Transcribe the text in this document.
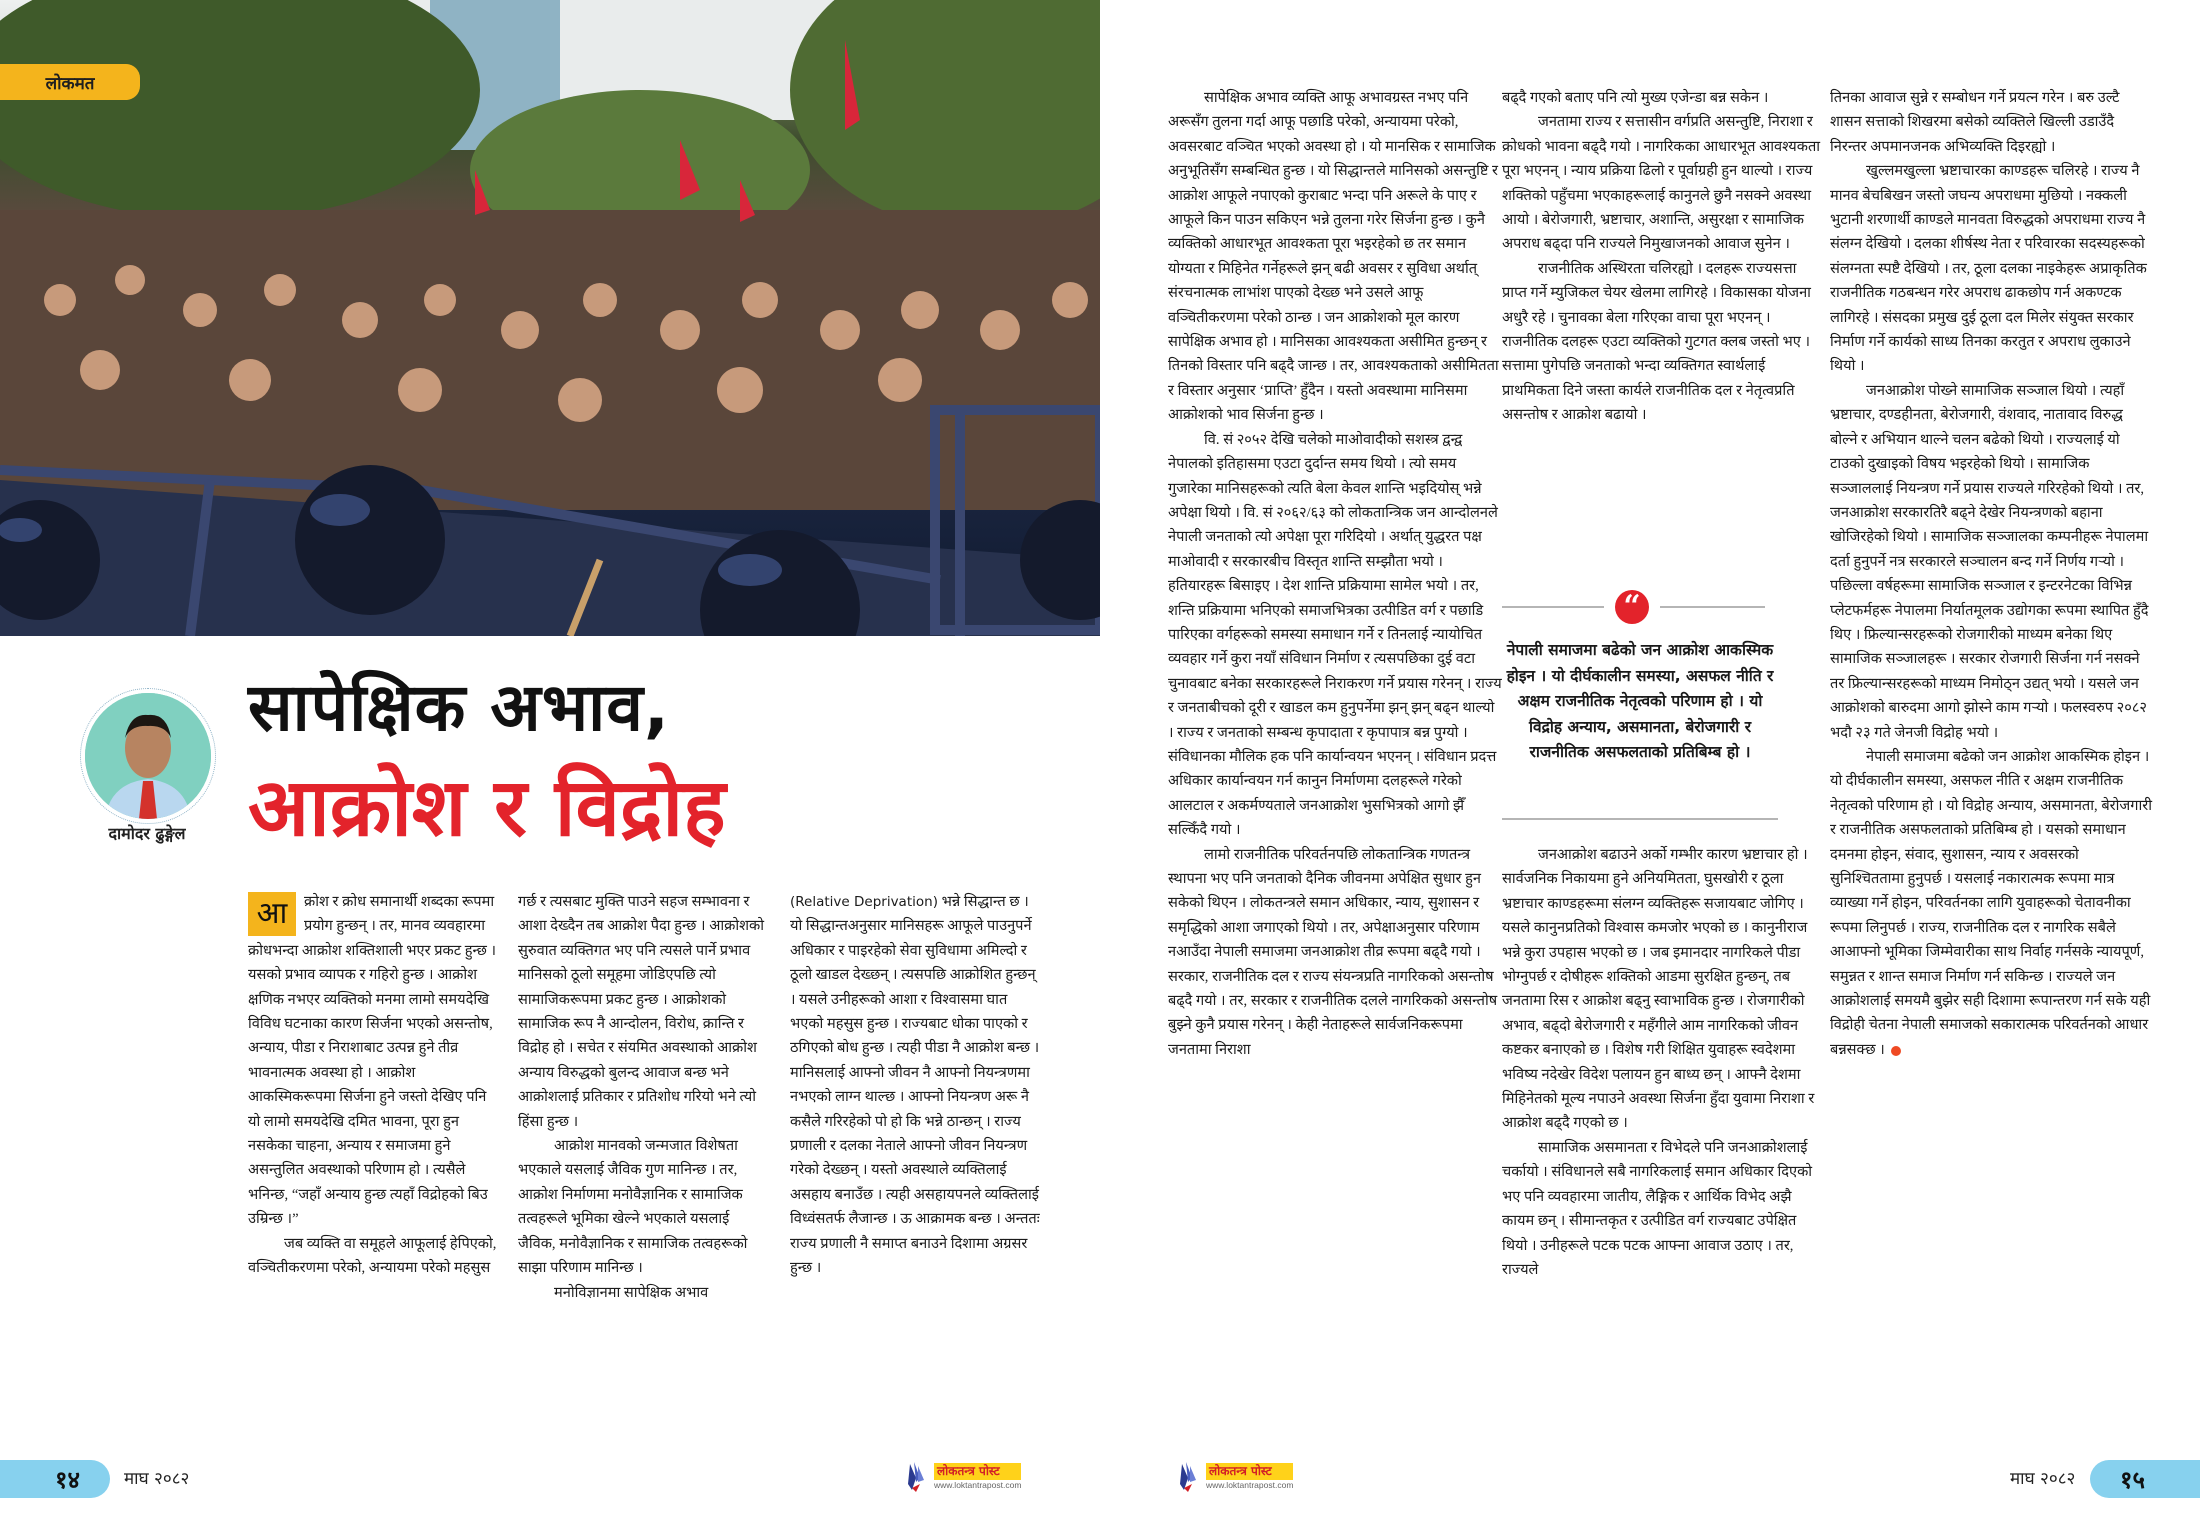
लोकमत
दामोदर ढुङ्गेल
सापेक्षिक अभाव,
आक्रोश र विद्रोह

आ	क्रोश र क्रोध समानार्थी शब्दका रूपमा प्रयोग हुन्छन् । तर, मानव व्यवहारमा क्रोधभन्दा आक्रोश शक्तिशाली भएर प्रकट हुन्छ । यसको प्रभाव व्यापक र गहिरो हुन्छ । आक्रोश क्षणिक नभएर व्यक्तिको मनमा लामो समयदेखि विविध घटनाका कारण सिर्जना भएको असन्तोष, अन्याय, पीडा र निराशाबाट उत्पन्न हुने तीव्र भावनात्मक अवस्था हो । आक्रोश आकस्मिकरूपमा सिर्जना हुने जस्तो देखिए पनि यो लामो समयदेखि दमित भावना, पूरा हुन नसकेका चाहना, अन्याय र समाजमा हुने असन्तुलित अवस्थाको परिणाम हो । त्यसैले भनिन्छ, “जहाँ अन्याय हुन्छ त्यहाँ विद्रोहको बिउ उम्रिन्छ ।”

जब व्यक्ति वा समूहले आफूलाई हेपिएको, वञ्चितीकरणमा परेको, अन्यायमा परेको महसुस

गर्छ र त्यसबाट मुक्ति पाउने सहज सम्भावना र आशा देख्दैन तब आक्रोश पैदा हुन्छ । आक्रोशको सुरुवात व्यक्तिगत भए पनि त्यसले पार्ने प्रभाव मानिसको ठूलो समूहमा जोडिएपछि त्यो सामाजिकरूपमा प्रकट हुन्छ । आक्रोशको सामाजिक रूप नै आन्दोलन, विरोध, क्रान्ति र विद्रोह हो । सचेत र संयमित अवस्थाको आक्रोश अन्याय विरुद्धको बुलन्द आवाज बन्छ भने आक्रोशलाई प्रतिकार र प्रतिशोध गरियो भने त्यो हिंसा हुन्छ ।

आक्रोश मानवको जन्मजात विशेषता भएकाले यसलाई जैविक गुण मानिन्छ । तर, आक्रोश निर्माणमा मनोवैज्ञानिक र सामाजिक तत्वहरूले भूमिका खेल्ने भएकाले यसलाई जैविक, मनोवैज्ञानिक र सामाजिक तत्वहरूको साझा परिणाम मानिन्छ ।

मनोविज्ञानमा सापेक्षिक अभाव

(Relative Deprivation) भन्ने सिद्धान्त छ । यो सिद्धान्तअनुसार मानिसहरू आफूले पाउनुपर्ने अधिकार र पाइरहेको सेवा सुविधामा अमिल्दो र ठूलो खाडल देख्छन् । त्यसपछि आक्रोशित हुन्छन् । यसले उनीहरूको आशा र विश्वासमा घात भएको महसुस हुन्छ । राज्यबाट धोका पाएको र ठगिएको बोध हुन्छ । त्यही पीडा नै आक्रोश बन्छ । मानिसलाई आफ्नो जीवन नै आफ्नो नियन्त्रणमा नभएको लाग्न थाल्छ । आफ्नो नियन्त्रण अरू नै कसैले गरिरहेको पो हो कि भन्ने ठान्छन् । राज्य प्रणाली र दलका नेताले आफ्नो जीवन नियन्त्रण गरेको देख्छन् । यस्तो अवस्थाले व्यक्तिलाई असहाय बनाउँछ । त्यही असहायपनले व्यक्तिलाई विध्वंसतर्फ लैजान्छ । ऊ आक्रामक बन्छ । अन्ततः राज्य प्रणाली नै समाप्त बनाउने दिशामा अग्रसर हुन्छ ।

१४	माघ २०८२	लोकतन्त्र पोस्ट
www.loktantrapost.com

सापेक्षिक अभाव व्यक्ति आफू अभावग्रस्त नभए पनि अरूसँग तुलना गर्दा आफू पछाडि परेको, अन्यायमा परेको, अवसरबाट वञ्चित भएको अवस्था हो । यो मानसिक र सामाजिक अनुभूतिसँग सम्बन्धित हुन्छ । यो सिद्धान्तले मानिसको असन्तुष्टि र आक्रोश आफूले नपाएको कुराबाट भन्दा पनि अरूले के पाए र आफूले किन पाउन सकिएन भन्ने तुलना गरेर सिर्जना हुन्छ । कुनै व्यक्तिको आधारभूत आवश्कता पूरा भइरहेको छ तर समान योग्यता र मिहिनेत गर्नेहरूले झन् बढी अवसर र सुविधा अर्थात् संरचनात्मक लाभांश पाएको देख्छ भने उसले आफू वञ्चितीकरणमा परेको ठान्छ । जन आक्रोशको मूल कारण सापेक्षिक अभाव हो । मानिसका आवश्यकता असीमित हुन्छन् र तिनको विस्तार पनि बढ्दै जान्छ । तर, आवश्यकताको असीमितता र विस्तार अनुसार ‘प्राप्ति’ हुँदैन । यस्तो अवस्थामा मानिसमा आक्रोशको भाव सिर्जना हुन्छ ।

वि. सं २०५२ देखि चलेको माओवादीको सशस्त्र द्वन्द्व नेपालको इतिहासमा एउटा दुर्दान्त समय थियो । त्यो समय गुजारेका मानिसहरूको त्यति बेला केवल शान्ति भइदियोस् भन्ने अपेक्षा थियो । वि. सं २०६२/६३ को लोकतान्त्रिक जन आन्दोलनले नेपाली जनताको त्यो अपेक्षा पूरा गरिदियो । अर्थात् युद्धरत पक्ष माओवादी र सरकारबीच विस्तृत शान्ति सम्झौता भयो । हतियारहरू बिसाइए । देश शान्ति प्रक्रियामा सामेल भयो । तर, शन्ति प्रक्रियामा भनिएको समाजभित्रका उत्पीडित वर्ग र पछाडि पारिएका वर्गहरूको समस्या समाधान गर्ने र तिनलाई न्यायोचित व्यवहार गर्ने कुरा नयाँ संविधान निर्माण र त्यसपछिका दुई वटा चुनावबाट बनेका सरकारहरूले निराकरण गर्ने प्रयास गरेनन् । राज्य र जनताबीचको दूरी र खाडल कम हुनुपर्नेमा झन् झन् बढ्न थाल्यो । राज्य र जनताको सम्बन्ध कृपादाता र कृपापात्र बन्न पुग्यो । संविधानका मौलिक हक पनि कार्यान्वयन भएनन् । संविधान प्रदत्त अधिकार कार्यान्वयन गर्न कानुन निर्माणमा दलहरूले गरेको आलटाल र अकर्मण्यताले जनआक्रोश भुसभित्रको आगो झैँ सल्किँदै गयो ।

लामो राजनीतिक परिवर्तनपछि लोकतान्त्रिक गणतन्त्र स्थापना भए पनि जनताको दैनिक जीवनमा अपेक्षित सुधार हुन सकेको थिएन । लोकतन्त्रले समान अधिकार, न्याय, सुशासन र समृद्धिको आशा जगाएको थियो । तर, अपेक्षाअनुसार परिणाम नआउँदा नेपाली समाजमा जनआक्रोश तीव्र रूपमा बढ्दै गयो । सरकार, राजनीतिक दल र राज्य संयन्त्रप्रति नागरिकको असन्तोष बढ्दै गयो । तर, सरकार र राजनीतिक दलले नागरिकको असन्तोष बुझ्ने कुनै प्रयास गरेनन् । केही नेताहरूले सार्वजनिकरूपमा जनतामा निराशा

बढ्दै गएको बताए पनि त्यो मुख्य एजेन्डा बन्न सकेन ।

जनतामा राज्य र सत्तासीन वर्गप्रति असन्तुष्टि, निराशा र क्रोधको भावना बढ्दै गयो । नागरिकका आधारभूत आवश्यकता पूरा भएनन् । न्याय प्रक्रिया ढिलो र पूर्वाग्रही हुन थाल्यो । राज्य शक्तिको पहुँचमा भएकाहरूलाई कानुनले छुनै नसक्ने अवस्था आयो । बेरोजगारी, भ्रष्टाचार, अशान्ति, असुरक्षा र सामाजिक अपराध बढ्दा पनि राज्यले निमुखाजनको आवाज सुनेन ।

राजनीतिक अस्थिरता चलिरह्यो । दलहरू राज्यसत्ता प्राप्त गर्ने म्युजिकल चेयर खेलमा लागिरहे । विकासका योजना अधुरै रहे । चुनावका बेला गरिएका वाचा पूरा भएनन् । राजनीतिक दलहरू एउटा व्यक्तिको गुटगत क्लब जस्तो भए । सत्तामा पुगेपछि जनताको भन्दा व्यक्तिगत स्वार्थलाई प्राथमिकता दिने जस्ता कार्यले राजनीतिक दल र नेतृत्वप्रति असन्तोष र आक्रोश बढायो ।

“
नेपाली समाजमा बढेको जन आक्रोश आकस्मिक होइन । यो दीर्घकालीन समस्या, असफल नीति र अक्षम राजनीतिक नेतृत्वको परिणाम हो । यो विद्रोह अन्याय, असमानता, बेरोजगारी र राजनीतिक असफलताको प्रतिबिम्ब हो ।

जनआक्रोश बढाउने अर्को गम्भीर कारण भ्रष्टाचार हो । सार्वजनिक निकायमा हुने अनियमितता, घुसखोरी र ठूला भ्रष्टाचार काण्डहरूमा संलग्न व्यक्तिहरू सजायबाट जोगिए । यसले कानुनप्रतिको विश्वास कमजोर भएको छ । कानुनीराज भन्ने कुरा उपहास भएको छ । जब इमानदार नागरिकले पीडा भोग्नुपर्छ र दोषीहरू शक्तिको आडमा सुरक्षित हुन्छन्, तब जनतामा रिस र आक्रोश बढ्नु स्वाभाविक हुन्छ । रोजगारीको अभाव, बढ्दो बेरोजगारी र महँगीले आम नागरिकको जीवन कष्टकर बनाएको छ । विशेष गरी शिक्षित युवाहरू स्वदेशमा भविष्य नदेखेर विदेश पलायन हुन बाध्य छन् । आफ्नै देशमा मिहिनेतको मूल्य नपाउने अवस्था सिर्जना हुँदा युवामा निराशा र आक्रोश बढ्दै गएको छ ।

सामाजिक असमानता र विभेदले पनि जनआक्रोशलाई चर्कायो । संविधानले सबै नागरिकलाई समान अधिकार दिएको भए पनि व्यवहारमा जातीय, लैङ्गिक र आर्थिक विभेद अझै कायम छन् । सीमान्तकृत र उत्पीडित वर्ग राज्यबाट उपेक्षित थियो । उनीहरूले पटक पटक आफ्ना आवाज उठाए । तर, राज्यले

तिनका आवाज सुन्ने र सम्बोधन गर्ने प्रयत्न गरेन । बरु उल्टै शासन सत्ताको शिखरमा बसेको व्यक्तिले खिल्ली उडाउँदै निरन्तर अपमानजनक अभिव्यक्ति दिइरह्यो ।

खुल्लमखुल्ला भ्रष्टाचारका काण्डहरू चलिरहे । राज्य नै मानव बेचबिखन जस्तो जघन्य अपराधमा मुछियो । नक्कली भुटानी शरणार्थी काण्डले मानवता विरुद्धको अपराधमा राज्य नै संलग्न देखियो । दलका शीर्षस्थ नेता र परिवारका सदस्यहरूको संलग्नता स्पष्टै देखियो । तर, ठूला दलका नाइकेहरू अप्राकृतिक राजनीतिक गठबन्धन गरेर अपराध ढाकछोप गर्न अकण्टक लागिरहे । संसदका प्रमुख दुई ठूला दल मिलेर संयुक्त सरकार निर्माण गर्ने कार्यको साध्य तिनका करतुत र अपराध लुकाउने थियो ।

जनआक्रोश पोख्ने सामाजिक सञ्जाल थियो । त्यहाँ भ्रष्टाचार, दण्डहीनता, बेरोजगारी, वंशवाद, नातावाद विरुद्ध बोल्ने र अभियान थाल्ने चलन बढेको थियो । राज्यलाई यो टाउको दुखाइको विषय भइरहेको थियो । सामाजिक सञ्जाललाई नियन्त्रण गर्ने प्रयास राज्यले गरिरहेको थियो । तर, जनआक्रोश सरकारतिरै बढ्ने देखेर नियन्त्रणको बहाना खोजिरहेको थियो । सामाजिक सञ्जालका कम्पनीहरू नेपालमा दर्ता हुनुपर्ने नत्र सरकारले सञ्चालन बन्द गर्ने निर्णय गर्‍यो । पछिल्ला वर्षहरूमा सामाजिक सञ्जाल र इन्टरनेटका विभिन्न प्लेटफर्महरू नेपालमा निर्यातमूलक उद्योगका रूपमा स्थापित हुँदै थिए । फ्रिल्यान्सरहरूको रोजगारीको माध्यम बनेका थिए सामाजिक सञ्जालहरू । सरकार रोजगारी सिर्जना गर्न नसक्ने तर फ्रिल्यान्सरहरूको माध्यम निमोठ्न उद्यत् भयो । यसले जन आक्रोशको बारुदमा आगो झोस्ने काम गर्‍यो । फलस्वरुप २०८२ भदौ २३ गते जेनजी विद्रोह भयो ।

नेपाली समाजमा बढेको जन आक्रोश आकस्मिक होइन । यो दीर्घकालीन समस्या, असफल नीति र अक्षम राजनीतिक नेतृत्वको परिणाम हो । यो विद्रोह अन्याय, असमानता, बेरोजगारी र राजनीतिक असफलताको प्रतिबिम्ब हो । यसको समाधान दमनमा होइन, संवाद, सुशासन, न्याय र अवसरको सुनिश्चिततामा हुनुपर्छ । यसलाई नकारात्मक रूपमा मात्र व्याख्या गर्ने होइन, परिवर्तनका लागि युवाहरूको चेतावनीका रूपमा लिनुपर्छ । राज्य, राजनीतिक दल र नागरिक सबैले आआफ्नो भूमिका जिम्मेवारीका साथ निर्वाह गर्नसके न्यायपूर्ण, समुन्नत र शान्त समाज निर्माण गर्न सकिन्छ । राज्यले जन आक्रोशलाई समयमै बुझेर सही दिशामा रूपान्तरण गर्न सके यही विद्रोही चेतना नेपाली समाजको सकारात्मक परिवर्तनको आधार बन्नसक्छ ।

लोकतन्त्र पोस्ट
www.loktantrapost.com	माघ २०८२ १५
